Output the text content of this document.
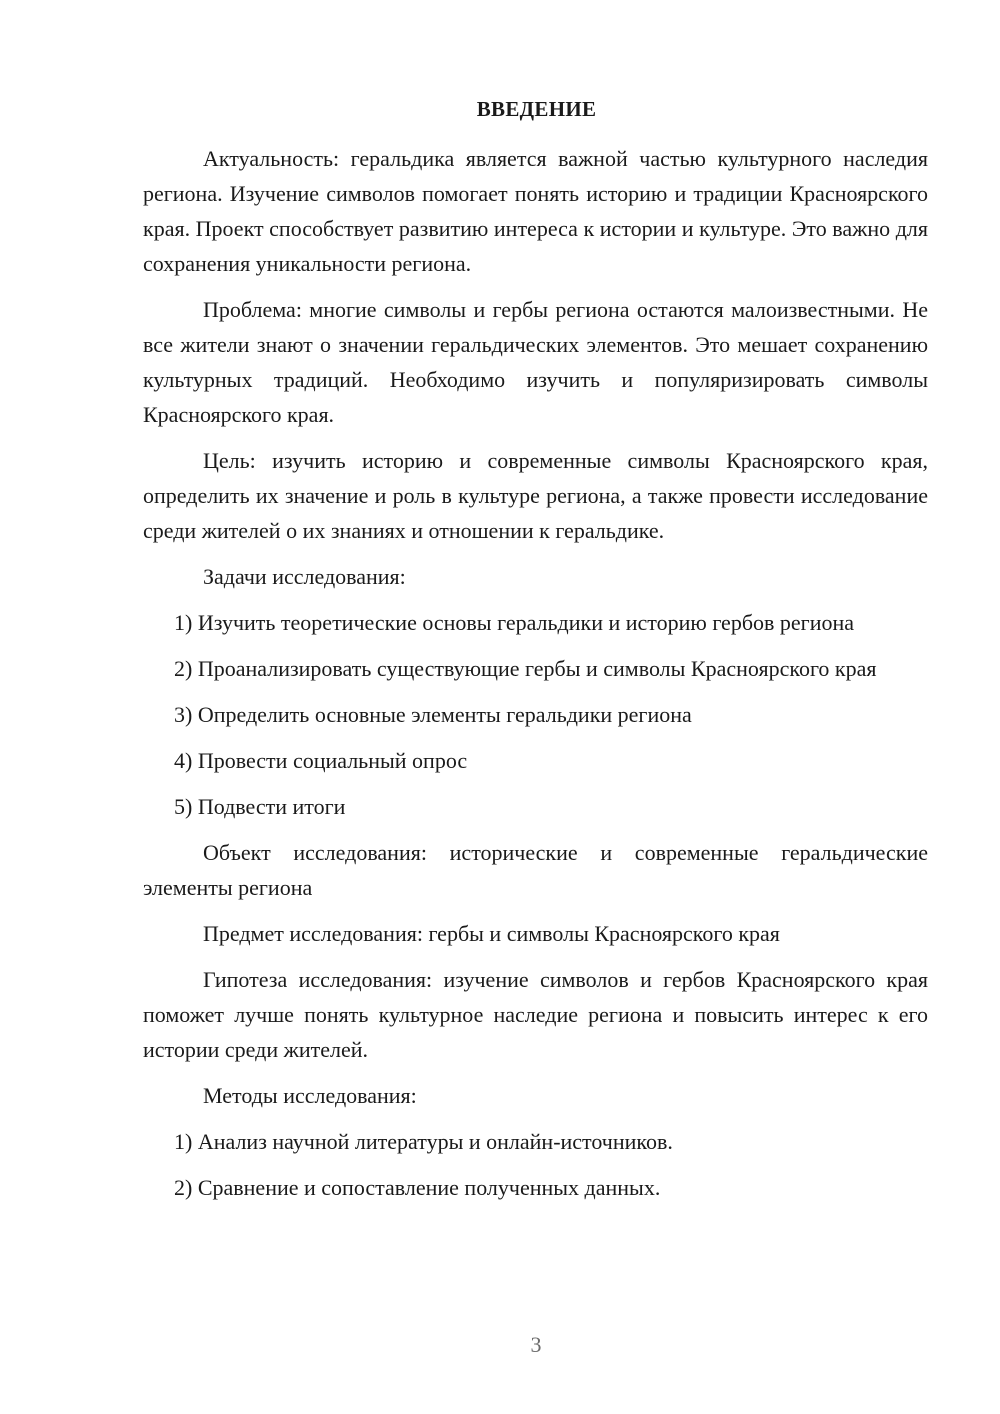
ВВЕДЕНИЕ

Актуальность: геральдика является важной частью культурного наследия региона. Изучение символов помогает понять историю и традиции Красноярского края. Проект способствует развитию интереса к истории и культуре. Это важно для сохранения уникальности региона.

Проблема: многие символы и гербы региона остаются малоизвестными. Не все жители знают о значении геральдических элементов. Это мешает сохранению культурных традиций. Необходимо изучить и популяризировать символы Красноярского края.

Цель: изучить историю и современные символы Красноярского края, определить их значение и роль в культуре региона, а также провести исследование среди жителей о их знаниях и отношении к геральдике.

Задачи исследования:

1) Изучить теоретические основы геральдики и историю гербов региона

2) Проанализировать существующие гербы и символы Красноярского края

3) Определить основные элементы геральдики региона

4) Провести социальный опрос

5) Подвести итоги

Объект исследования: исторические и современные геральдические элементы региона

Предмет исследования: гербы и символы Красноярского края

Гипотеза исследования: изучение символов и гербов Красноярского края поможет лучше понять культурное наследие региона и повысить интерес к его истории среди жителей.

Методы исследования:

1) Анализ научной литературы и онлайн-источников.

2) Сравнение и сопоставление полученных данных.

3
